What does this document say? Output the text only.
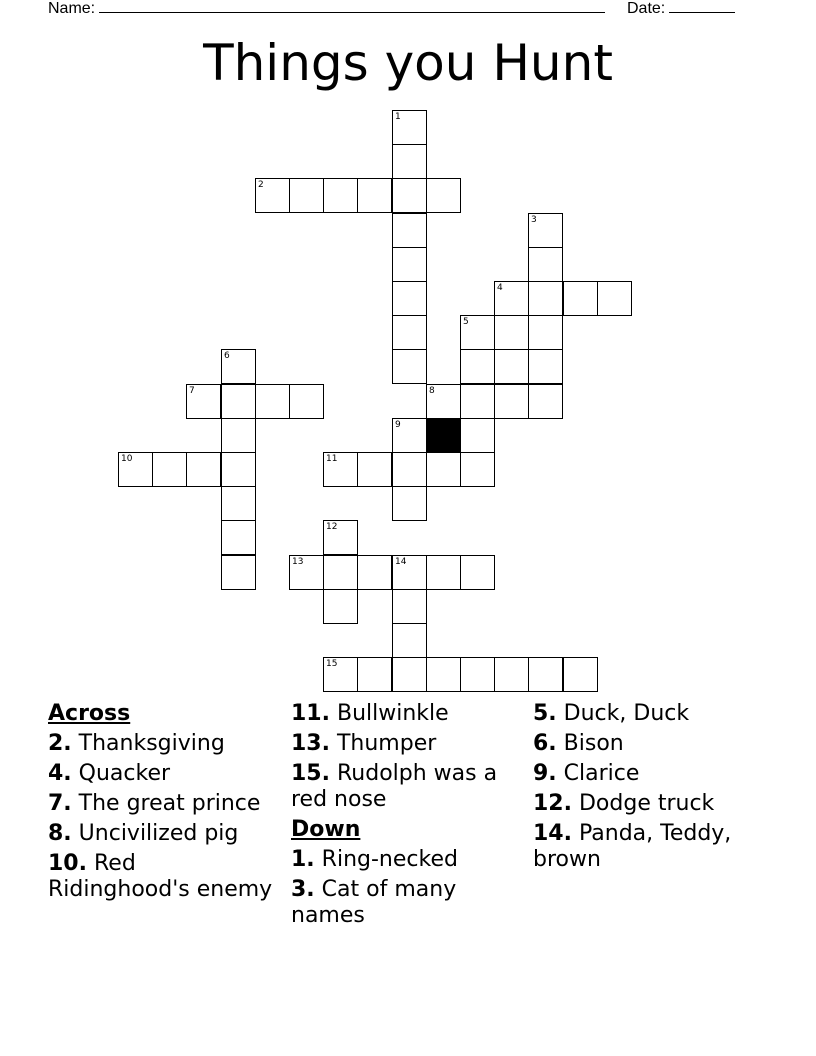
Name:	Date:
Things you Hunt
1
2
3
4
5
6
7	8
9
10	11
12
13	14
15
Across
2. Thanksgiving
4. Quacker
7. The great prince
8. Uncivilized pig
10. Red Ridinghood's enemy
11. Bullwinkle
13. Thumper
15. Rudolph was a red nose
Down
1. Ring-necked
3. Cat of many names
5. Duck, Duck
6. Bison
9. Clarice
12. Dodge truck
14. Panda, Teddy, brown
